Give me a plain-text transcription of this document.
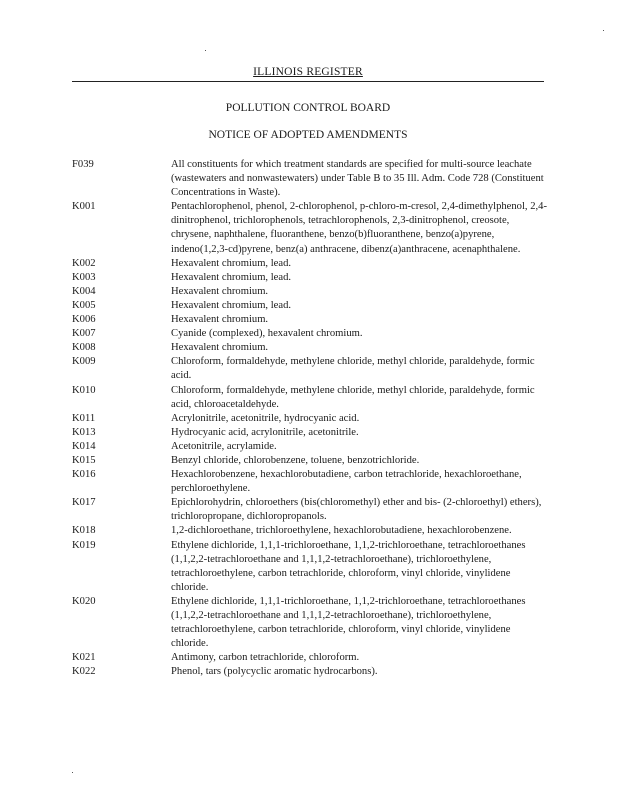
ILLINOIS REGISTER
POLLUTION CONTROL BOARD
NOTICE OF ADOPTED AMENDMENTS
F039	All constituents for which treatment standards are specified for multi-source leachate (wastewaters and nonwastewaters) under Table B to 35 Ill. Adm. Code 728 (Constituent Concentrations in Waste).
K001	Pentachlorophenol, phenol, 2-chlorophenol, p-chloro-m-cresol, 2,4-dimethylphenol, 2,4- dinitrophenol, trichlorophenols, tetrachlorophenols, 2,3-dinitrophenol, creosote, chrysene, naphthalene, fluoranthene, benzo(b)fluoranthene, benzo(a)pyrene, indeno(1,2,3-cd)pyrene, benz(a) anthracene, dibenz(a)anthracene, acenaphthalene.
K002	Hexavalent chromium, lead.
K003	Hexavalent chromium, lead.
K004	Hexavalent chromium.
K005	Hexavalent chromium, lead.
K006	Hexavalent chromium.
K007	Cyanide (complexed), hexavalent chromium.
K008	Hexavalent chromium.
K009	Chloroform, formaldehyde, methylene chloride, methyl chloride, paraldehyde, formic acid.
K010	Chloroform, formaldehyde, methylene chloride, methyl chloride, paraldehyde, formic acid, chloroacetaldehyde.
K011	Acrylonitrile, acetonitrile, hydrocyanic acid.
K013	Hydrocyanic acid, acrylonitrile, acetonitrile.
K014	Acetonitrile, acrylamide.
K015	Benzyl chloride, chlorobenzene, toluene, benzotrichloride.
K016	Hexachlorobenzene, hexachlorobutadiene, carbon tetrachloride, hexachloroethane, perchloroethylene.
K017	Epichlorohydrin, chloroethers (bis(chloromethyl) ether and bis- (2-chloroethyl) ethers), trichloropropane, dichloropropanols.
K018	1,2-dichloroethane, trichloroethylene, hexachlorobutadiene, hexachlorobenzene.
K019	Ethylene dichloride, 1,1,1-trichloroethane, 1,1,2-trichloroethane, tetrachloroethanes (1,1,2,2-tetrachloroethane and 1,1,1,2-tetrachloroethane), trichloroethylene, tetrachloroethylene, carbon tetrachloride, chloroform, vinyl chloride, vinylidene chloride.
K020	Ethylene dichloride, 1,1,1-trichloroethane, 1,1,2-trichloroethane, tetrachloroethanes (1,1,2,2-tetrachloroethane and 1,1,1,2-tetrachloroethane), trichloroethylene, tetrachloroethylene, carbon tetrachloride, chloroform, vinyl chloride, vinylidene chloride.
K021	Antimony, carbon tetrachloride, chloroform.
K022	Phenol, tars (polycyclic aromatic hydrocarbons).
